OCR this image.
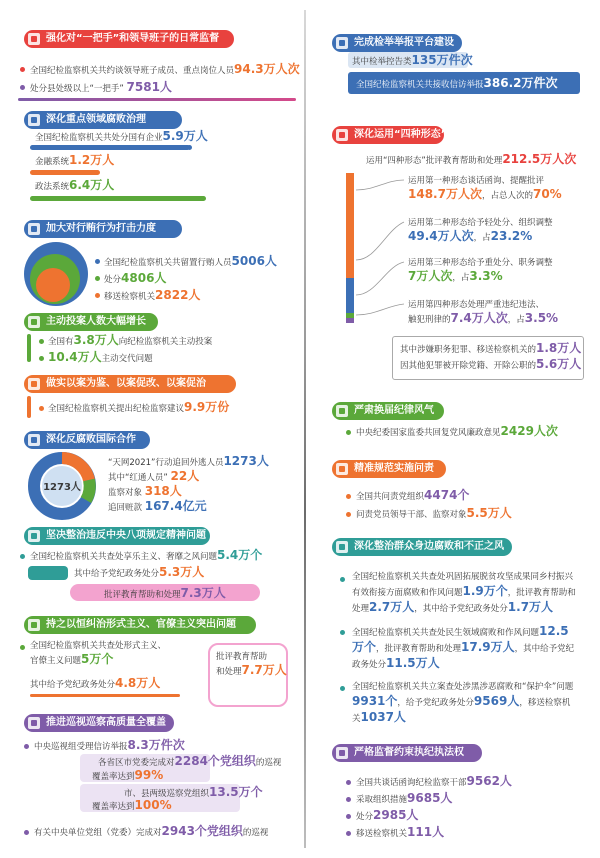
强化对“一把手”和领导班子的日常监督
全国纪检监察机关共约谈领导班子成员、重点岗位人员94.3万人次
处分县处级以上“一把手” 7581人
深化重点领域腐败治理
全国纪检监察机关共处分国有企业5.9万人
金融系统1.2万人
政法系统6.4万人
加大对行贿行为打击力度
全国纪检监察机关共留置行贿人员5006人
处分4806人
移送检察机关2822人
主动投案人数大幅增长
全国有3.8万人向纪检监察机关主动投案
10.4万人主动交代问题
做实以案为鉴、以案促改、以案促治
全国纪检监察机关提出纪检监察建议9.9万份
深化反腐败国际合作
1273人
“天网2021”行动追回外逃人员1273人
其中“红通人员” 22人
监察对象 318人
追回赃款 167.4亿元
坚决整治违反中央八项规定精神问题
全国纪检监察机关共查处享乐主义、奢靡之风问题5.4万个
其中给予党纪政务处分5.3万人
批评教育帮助和处理7.3万人
持之以恒纠治形式主义、官僚主义突出问题
全国纪检监察机关共查处形式主义、
官僚主义问题5万个
其中给予党纪政务处分4.8万人
批评教育帮助
和处理7.7万人
推进巡视巡察高质量全覆盖
中央巡视组受理信访举报8.3万件次
各省区市党委完成对2284个党组织的巡视
覆盖率达到99%
市、县两级巡察党组织13.5万个
覆盖率达到100%
有关中央单位党组（党委）完成对2943个党组织的巡视
完成检举举报平台建设
其中检举控告类135万件次
全国纪检监察机关共接收信访举报386.2万件次
深化运用“四种形态”
运用“四种形态”批评教育帮助和处理212.5万人次
运用第一种形态谈话函询、提醒批评
148.7万人次，占总人次的70%
运用第二种形态给予轻处分、组织调整
49.4万人次，占23.2%
运用第三种形态给予重处分、职务调整
7万人次，占3.3%
运用第四种形态处理严重违纪违法、
触犯刑律的7.4万人次，占3.5%
其中涉嫌职务犯罪、移送检察机关的1.8万人
因其他犯罪被开除党籍、开除公职的5.6万人
严肃换届纪律风气
中央纪委国家监委共回复党风廉政意见2429人次
精准规范实施问责
全国共问责党组织4474个
问责党员领导干部、监察对象5.5万人
深化整治群众身边腐败和不正之风
全国纪检监察机关共查处巩固拓展脱贫攻坚成果同乡村振兴有效衔接方面腐败和作风问题1.9万个，批评教育帮助和处理2.7万人，其中给予党纪政务处分1.7万人
全国纪检监察机关共查处民生领域腐败和作风问题12.5万个，批评教育帮助和处理17.9万人，其中给予党纪政务处分11.5万人
全国纪检监察机关共立案查处涉黑涉恶腐败和“保护伞”问题9931个，给予党纪政务处分9569人，移送检察机关1037人
严格监督约束执纪执法权
全国共谈话函询纪检监察干部9562人
采取组织措施9685人
处分2985人
移送检察机关111人
